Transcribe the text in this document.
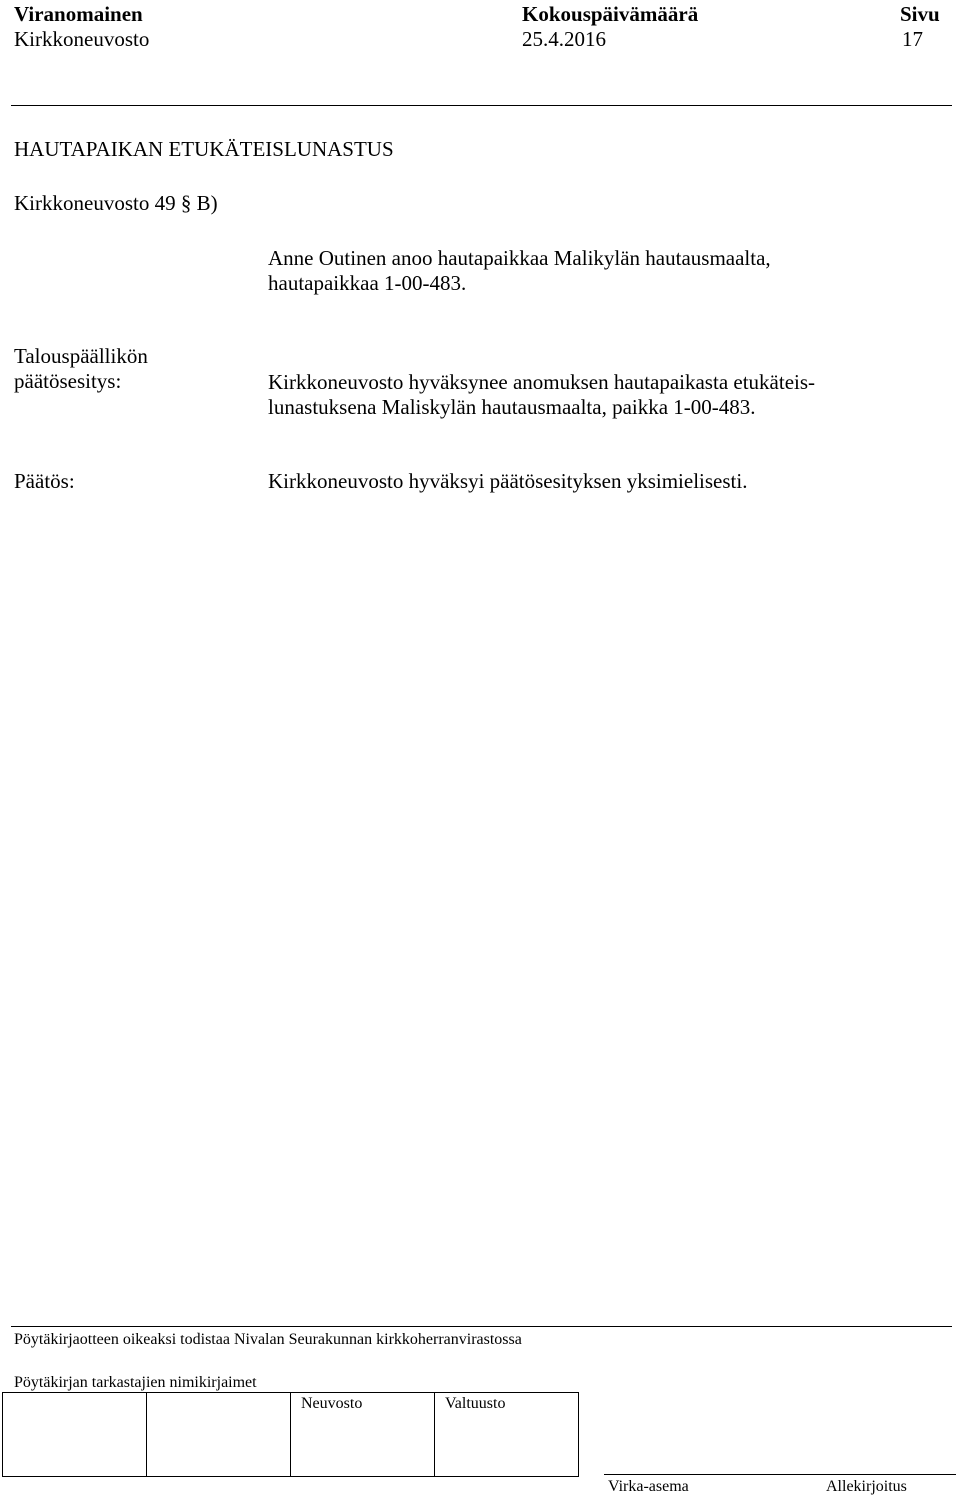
Viranomainen
Kirkkoneuvosto
Kokouspäivämäärä
25.4.2016
Sivu
17
HAUTAPAIKAN ETUKÄTEISLUNASTUS
Kirkkoneuvosto 49 § B)
Anne Outinen anoo hautapaikkaa Malikylän hautausmaalta,
hautapaikkaa 1-00-483.
Talouspäällikön
päätösesitys:	Kirkkoneuvosto hyväksynee anomuksen hautapaikasta etukäteis-
lunastuksena Maliskylän hautausmaalta, paikka 1-00-483.
Päätös:	Kirkkoneuvosto hyväksyi päätösesityksen yksimielisesti.
Pöytäkirjaotteen oikeaksi todistaa Nivalan Seurakunnan kirkkoherranvirastossa
Pöytäkirjan tarkastajien nimikirjaimet

Neuvosto	Valtuusto
Virka-asema	Allekirjoitus
